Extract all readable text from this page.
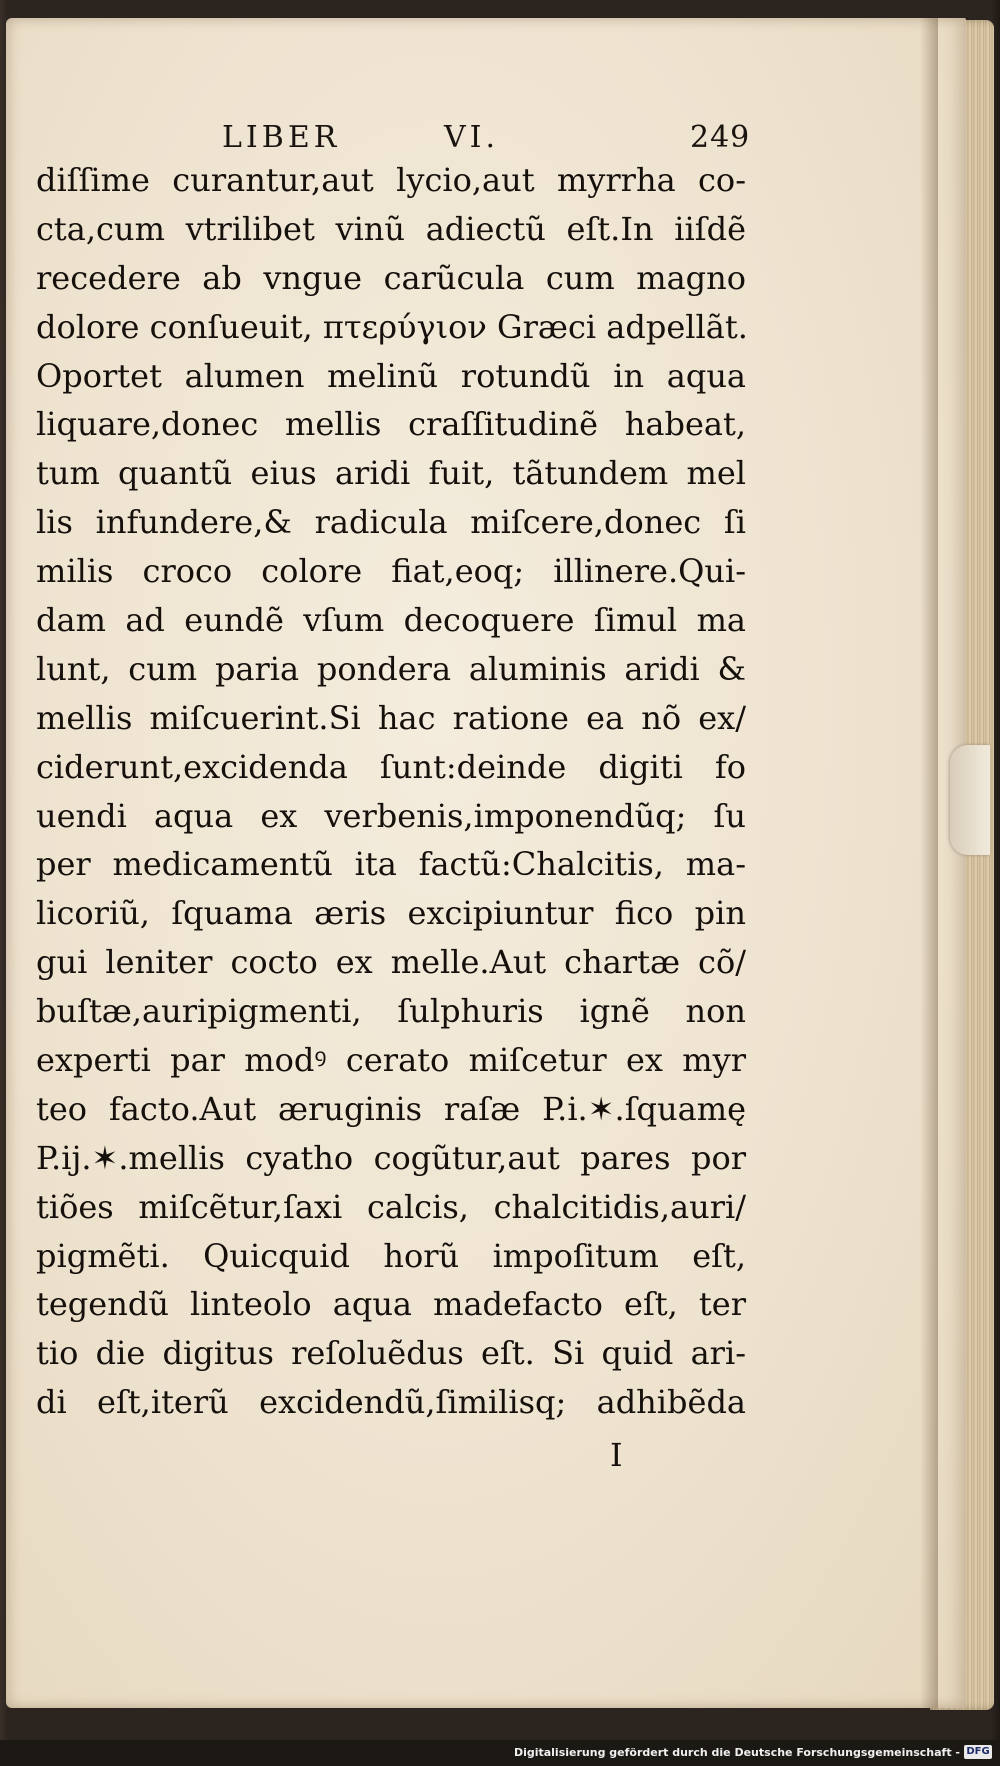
LIBER	VI.	249
diſſime curantur,aut lycio,aut myrrha co-
cta,cum vtrilibet vinũ adiectũ eſt.In iiſdẽ
recedere ab vngue carũcula cum magno
dolore conſueuit, πτερύγιον Græci adpellãt.
Oportet alumen melinũ rotundũ in aqua
liquare,donec mellis craſſitudinẽ habeat,
tum quantũ eius aridi fuit, tãtundem mel
lis infundere,& radicula miſcere,donec ſi
milis croco colore fiat,eoq; illinere.Qui-
dam ad eundẽ vſum decoquere ſimul ma
lunt, cum paria pondera aluminis aridi &
mellis miſcuerint.Si hac ratione ea nõ ex/
ciderunt,excidenda ſunt:deinde digiti fo
uendi aqua ex verbenis,imponendũq; ſu
per medicamentũ ita factũ:Chalcitis, ma-
licoriũ, ſquama æris excipiuntur fico pin
gui leniter cocto ex melle.Aut chartæ cõ/
buſtæ,auripigmenti, ſulphuris ignẽ non
experti par modꝰ cerato miſcetur ex myr
teo facto.Aut æruginis raſæ P.i.✶.ſquamę
P.ij.✶.mellis cyatho cogũtur,aut pares por
tiões miſcẽtur,ſaxi calcis, chalcitidis,auri/
pigmẽti. Quicquid horũ impoſitum eſt,
tegendũ linteolo aqua madefacto eſt, ter
tio die digitus reſoluẽdus eſt. Si quid ari-
di eſt,iterũ excidendũ,ſimilisq; adhibẽda
I
Digitalisierung gefördert durch die Deutsche Forschungsgemeinschaft - DFG
